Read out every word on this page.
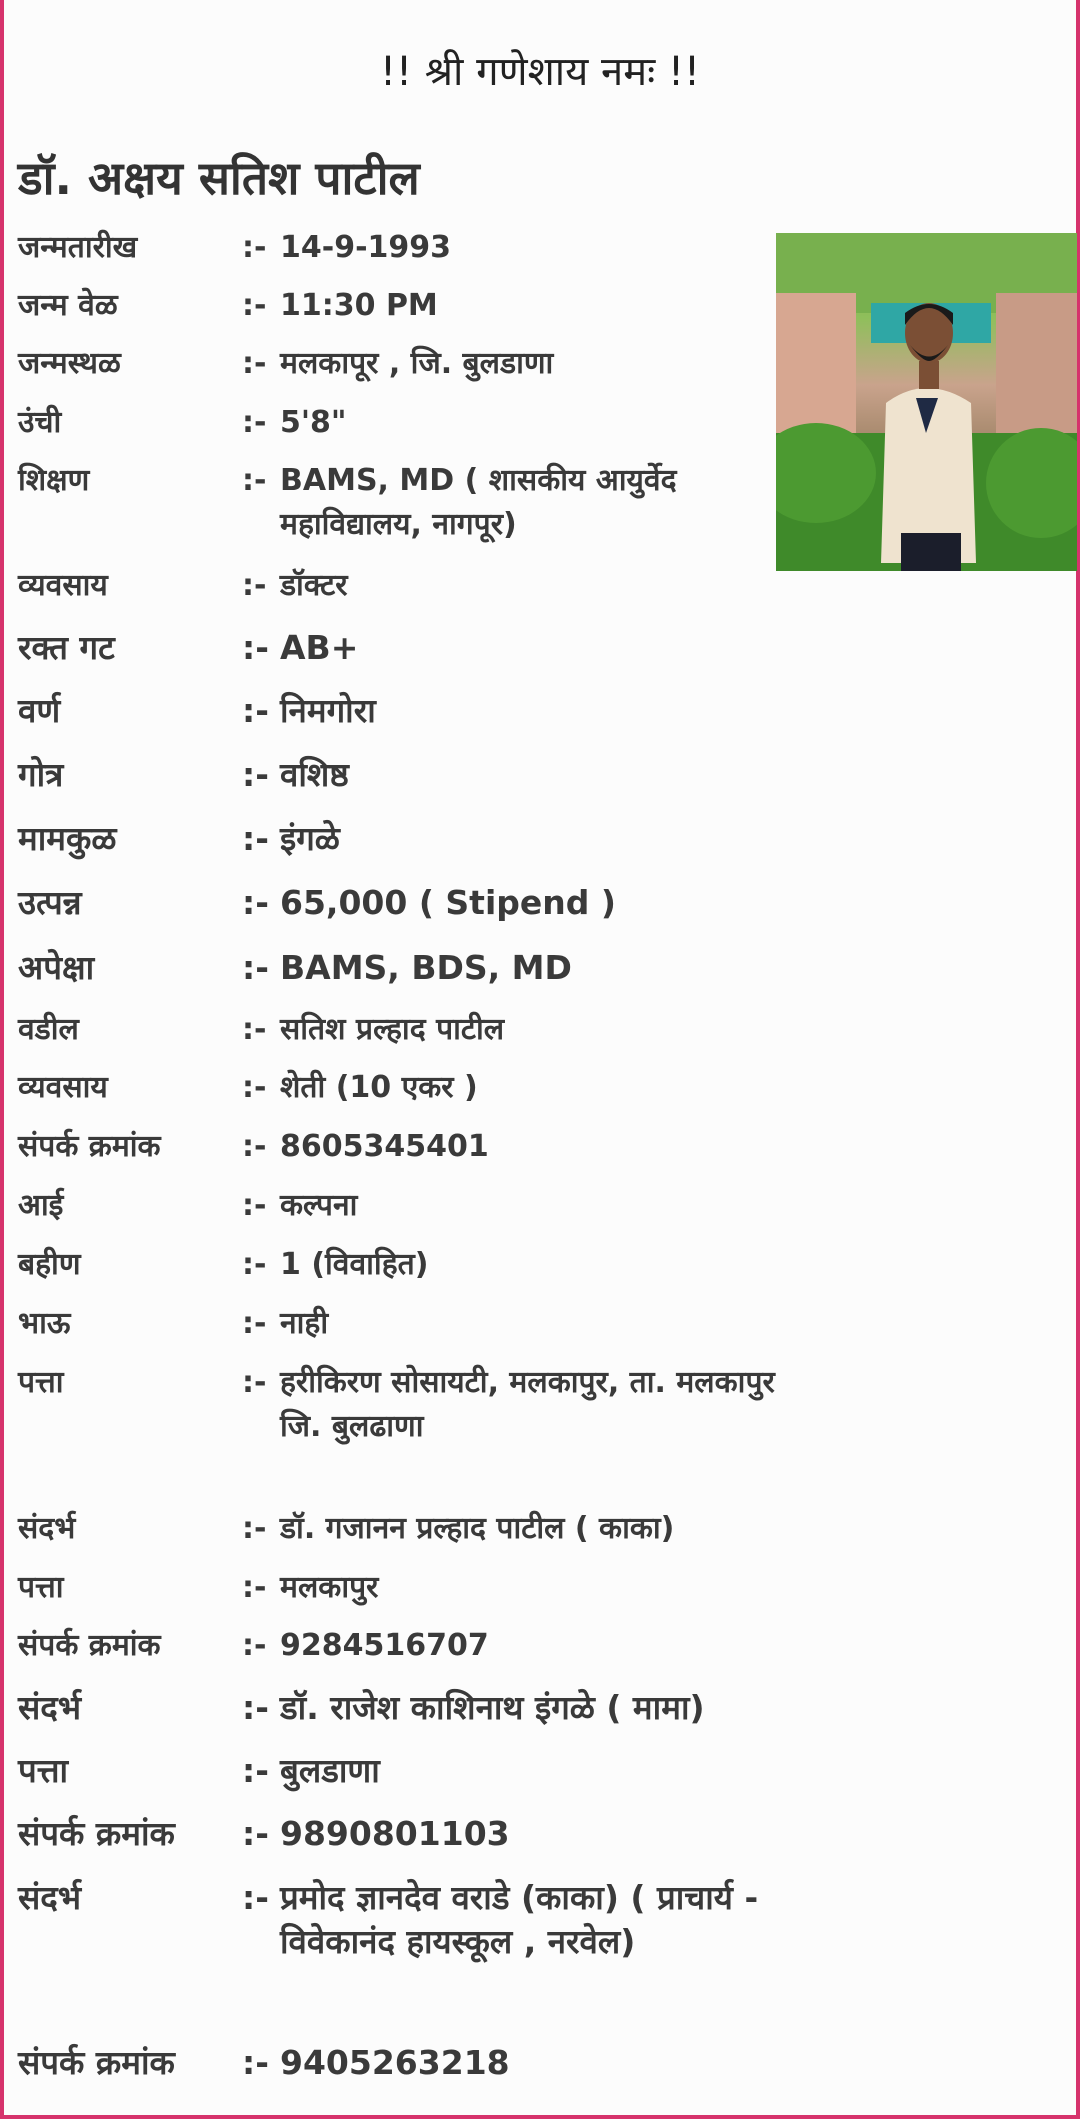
!! श्री गणेशाय नमः !!
डॉ. अक्षय सतिश पाटील
जन्मतारीख	:- 14-9-1993
जन्म वेळ	:- 11:30 PM
जन्मस्थळ	:- मलकापूर , जि. बुलडाणा
उंची	:- 5'8"
शिक्षण	:- BAMS, MD ( शासकीय आयुर्वेद महाविद्यालय, नागपूर)
व्यवसाय	:- डॉक्टर
रक्त गट	:- AB+
वर्ण	:- निमगोरा
गोत्र	:- वशिष्ठ
मामकुळ	:- इंगळे
उत्पन्न	:- 65,000 ( Stipend )
अपेक्षा	:- BAMS, BDS, MD
वडील	:- सतिश प्रल्हाद पाटील
व्यवसाय	:- शेती (10 एकर )
संपर्क क्रमांक	:- 8605345401
आई	:- कल्पना
बहीण	:- 1 (विवाहित)
भाऊ	:- नाही
पत्ता	:- हरीकिरण सोसायटी, मलकापुर, ता. मलकापुर जि. बुलढाणा
संदर्भ	:- डॉ. गजानन प्रल्हाद पाटील ( काका)
पत्ता	:- मलकापुर
संपर्क क्रमांक	:- 9284516707
संदर्भ	:- डॉ. राजेश काशिनाथ इंगळे ( मामा)
पत्ता	:- बुलडाणा
संपर्क क्रमांक	:- 9890801103
संदर्भ	:- प्रमोद ज्ञानदेव वराडे (काका) ( प्राचार्य - विवेकानंद हायस्कूल , नरवेल)
संपर्क क्रमांक	:- 9405263218
